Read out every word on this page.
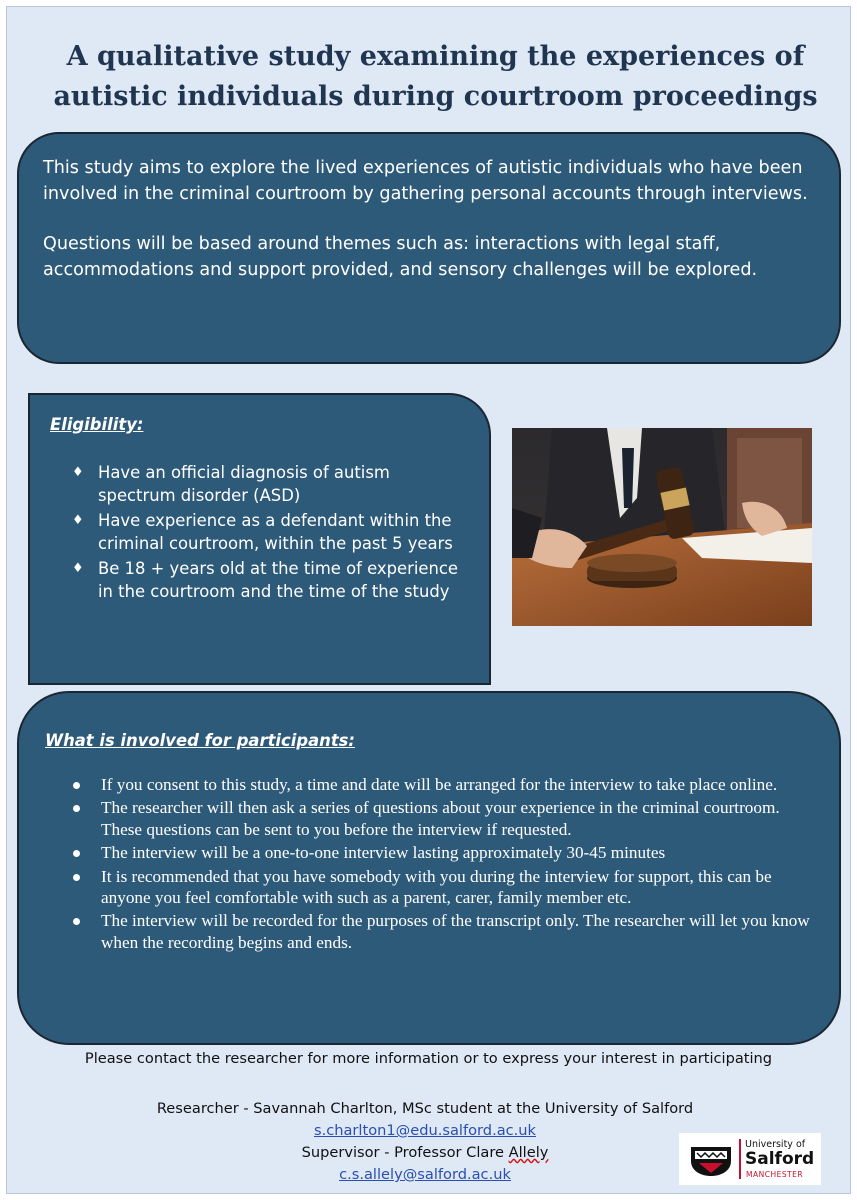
A qualitative study examining the experiences of
autistic individuals during courtroom proceedings

This study aims to explore the lived experiences of autistic individuals who have been involved in the criminal courtroom by gathering personal accounts through interviews.

Questions will be based around themes such as: interactions with legal staff, accommodations and support provided, and sensory challenges will be explored.

Eligibility:

♦ Have an official diagnosis of autism spectrum disorder (ASD)
♦ Have experience as a defendant within the criminal courtroom, within the past 5 years
♦ Be 18 + years old at the time of experience in the courtroom and the time of the study

What is involved for participants:

If you consent to this study, a time and date will be arranged for the interview to take place online.
The researcher will then ask a series of questions about your experience in the criminal courtroom. These questions can be sent to you before the interview if requested.
The interview will be a one-to-one interview lasting approximately 30-45 minutes
It is recommended that you have somebody with you during the interview for support, this can be anyone you feel comfortable with such as a parent, carer, family member etc.
The interview will be recorded for the purposes of the transcript only. The researcher will let you know when the recording begins and ends.
Please contact the researcher for more information or to express your interest in participating
Researcher - Savannah Charlton, MSc student at the University of Salford
s.charlton1@edu.salford.ac.uk
Supervisor - Professor Clare Allely
c.s.allely@salford.ac.uk
University of
Salford
MANCHESTER
